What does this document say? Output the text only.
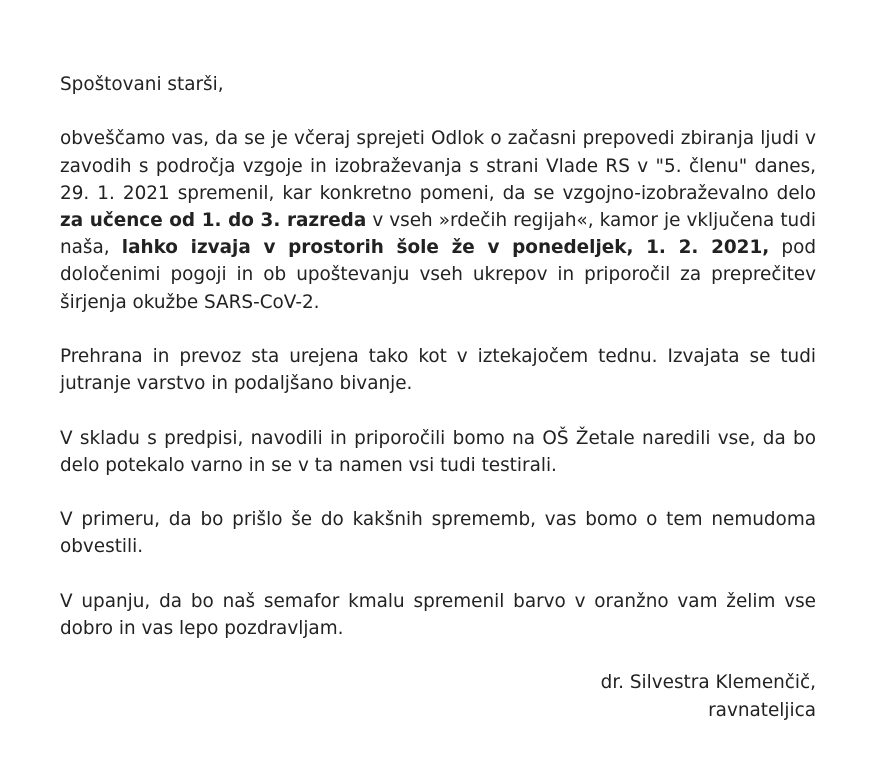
Spoštovani starši,

obveščamo vas, da se je včeraj sprejeti Odlok o začasni prepovedi zbiranja ljudi v zavodih s področja vzgoje in izobraževanja s strani Vlade RS v "5. členu" danes, 29. 1. 2021 spremenil, kar konkretno pomeni, da se vzgojno-izobraževalno delo za učence od 1. do 3. razreda v vseh »rdečih regijah«, kamor je vključena tudi naša, lahko izvaja v prostorih šole že v ponedeljek, 1. 2. 2021, pod določenimi pogoji in ob upoštevanju vseh ukrepov in priporočil za preprečitev širjenja okužbe SARS-CoV-2.

Prehrana in prevoz sta urejena tako kot v iztekajočem tednu. Izvajata se tudi jutranje varstvo in podaljšano bivanje.

V skladu s predpisi, navodili in priporočili bomo na OŠ Žetale naredili vse, da bo delo potekalo varno in se v ta namen vsi tudi testirali.

V primeru, da bo prišlo še do kakšnih sprememb, vas bomo o tem nemudoma obvestili.

V upanju, da bo naš semafor kmalu spremenil barvo v oranžno vam želim vse dobro in vas lepo pozdravljam.

dr. Silvestra Klemenčič,
ravnateljica
